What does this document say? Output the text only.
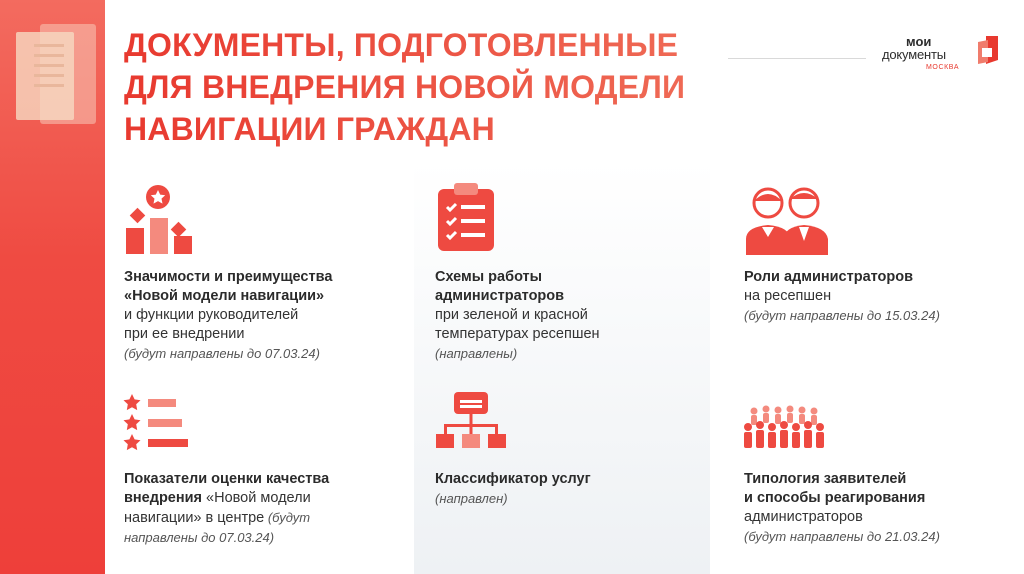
ДОКУМЕНТЫ, ПОДГОТОВЛЕННЫЕ
ДЛЯ ВНЕДРЕНИЯ НОВОЙ МОДЕЛИ
НАВИГАЦИИ ГРАЖДАН
мои
документы
МОСКВА
Значимости и преимущества
«Новой модели навигации»
и функции руководителей
при ее внедрении
(будут направлены до 07.03.24)
Схемы работы
администраторов
при зеленой и красной
температурах ресепшен
(направлены)
Роли администраторов
на ресепшен
(будут направлены до 15.03.24)
Показатели оценки качества
внедрения «Новой модели
навигации» в центре (будут
направлены до 07.03.24)
Классификатор услуг
(направлен)
Типология заявителей
и способы реагирования
администраторов
(будут направлены до 21.03.24)
